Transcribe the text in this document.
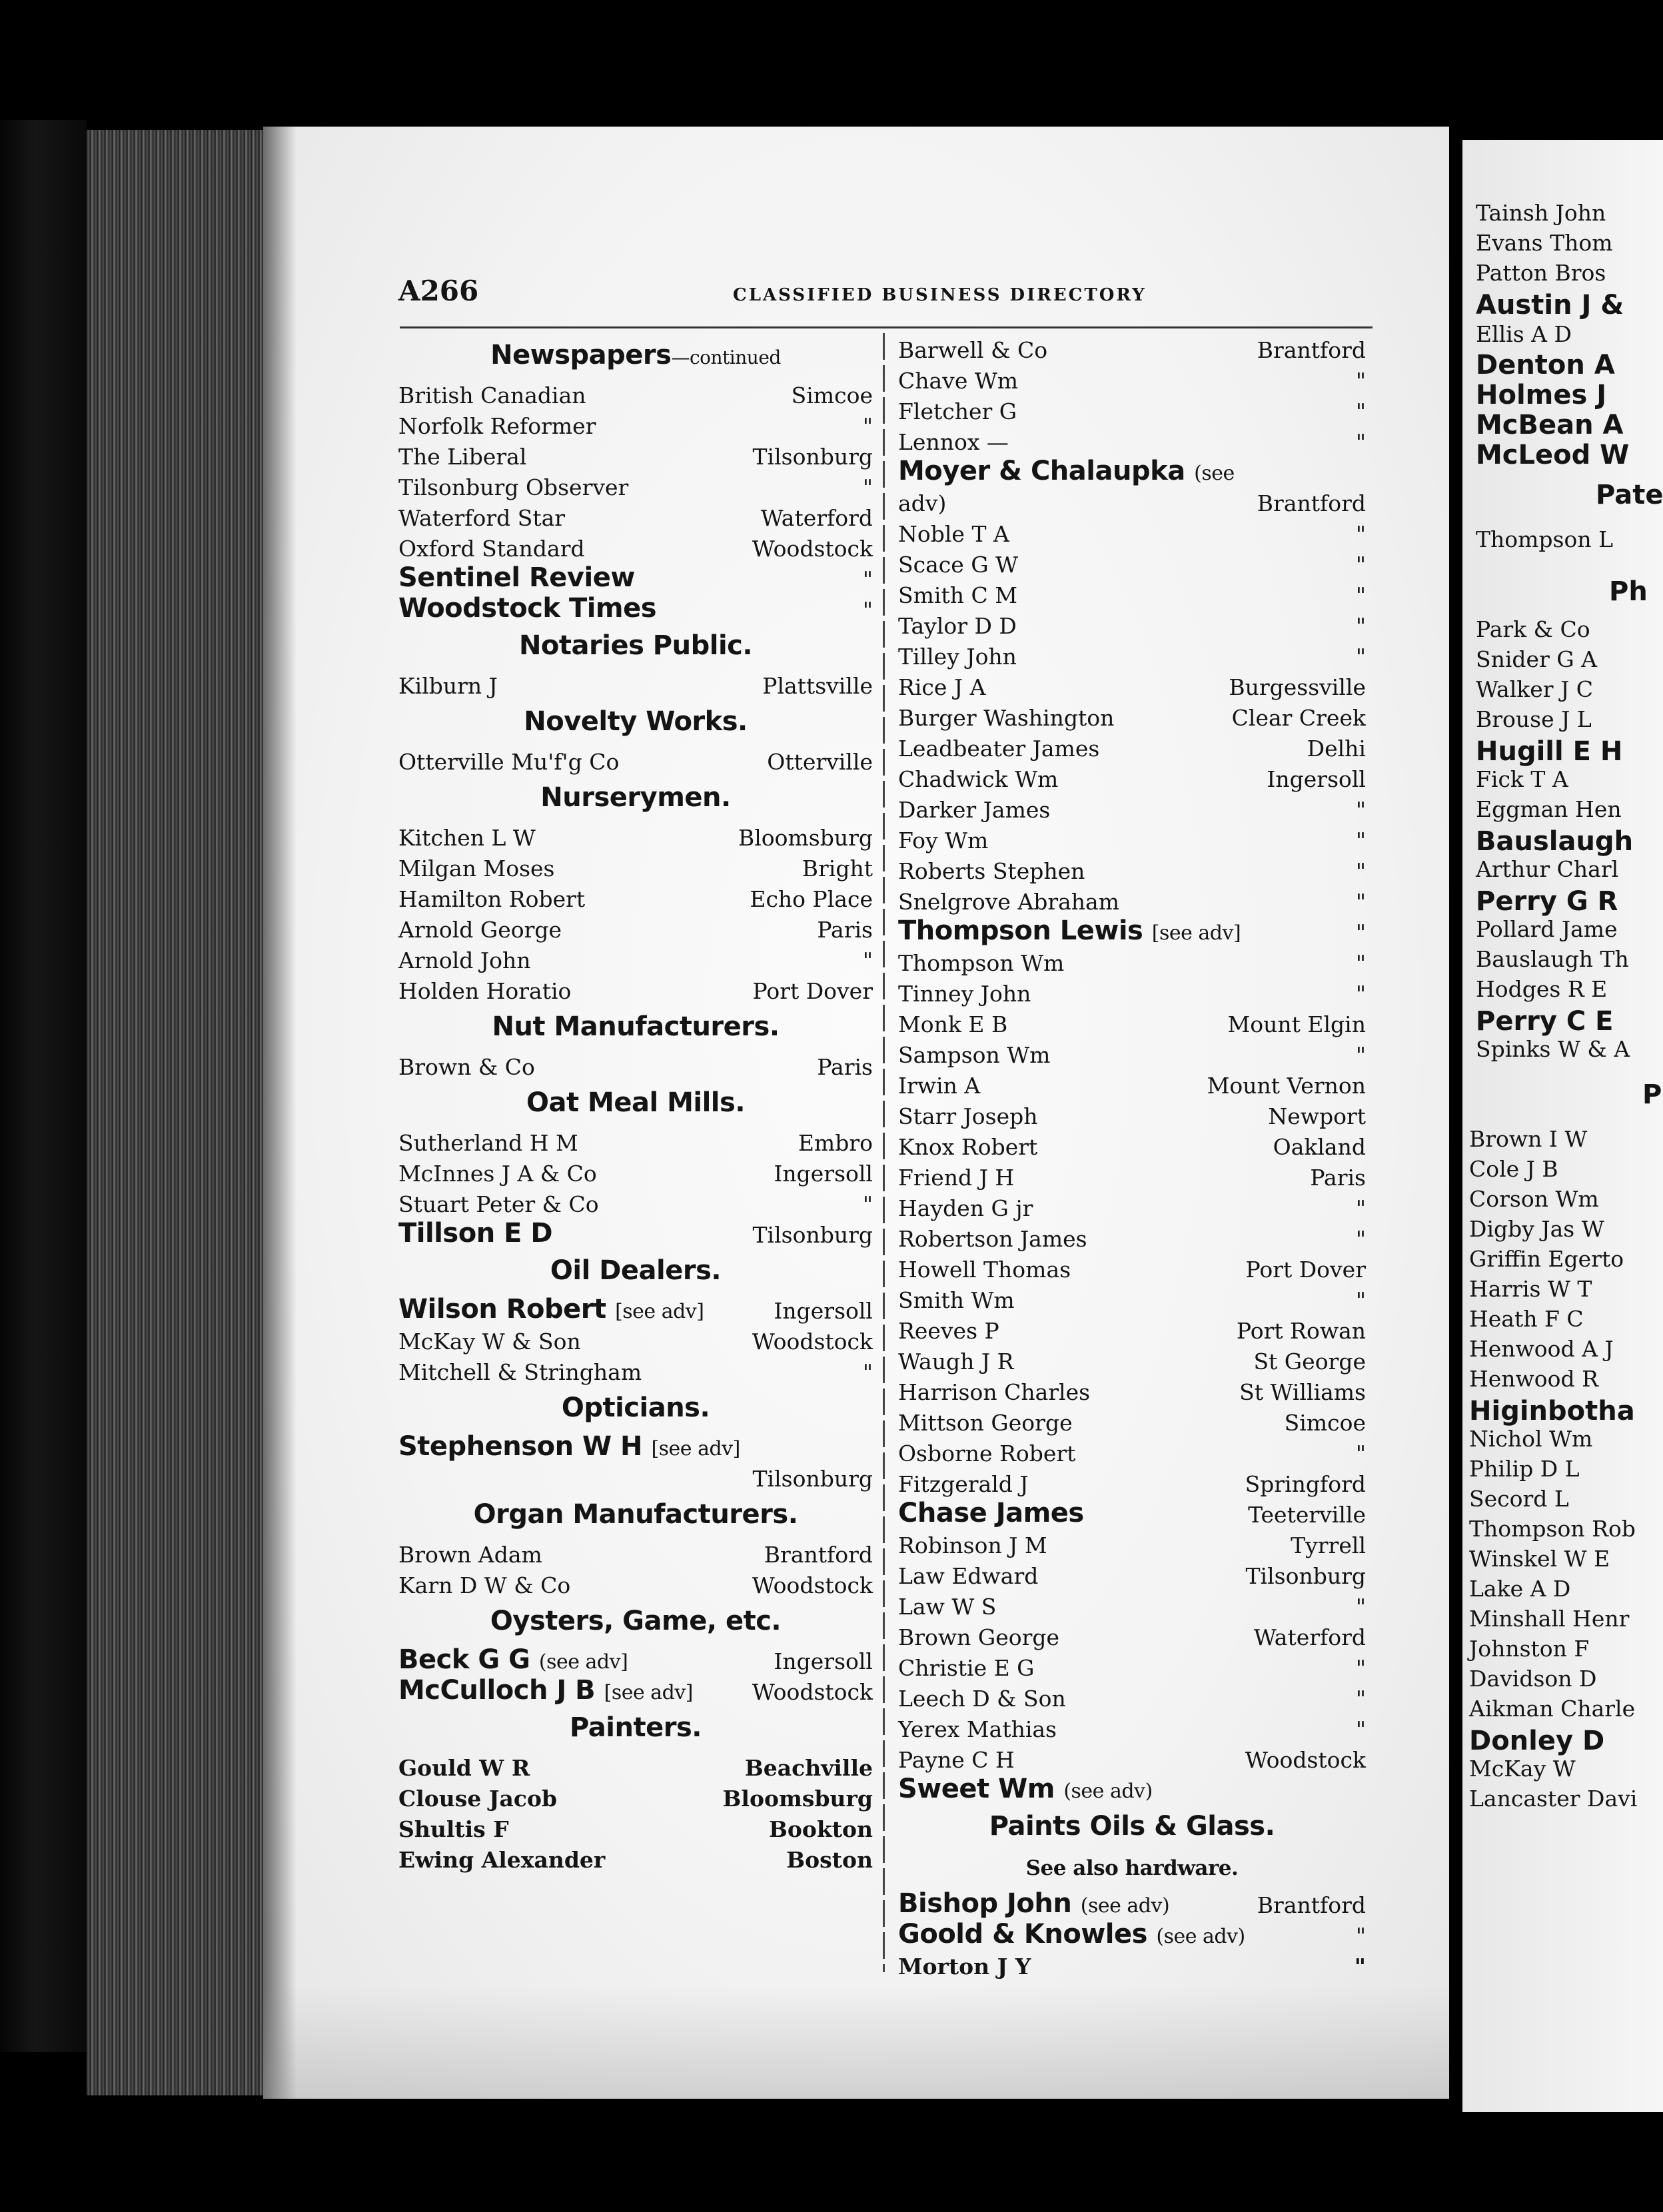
Tainsh John
Evans Thom
Patton Bros
Austin J &
Ellis A D
Denton A
Holmes J
McBean A
McLeod W
Pate
Thompson L
Ph
Park & Co
Snider G A
Walker J C
Brouse J L
Hugill E H
Fick T A
Eggman Hen
Bauslaugh
Arthur Charl
Perry G R
Pollard Jame
Bauslaugh Th
Hodges R E
Perry C E
Spinks W & A
P
Brown I W
Cole J B
Corson Wm
Digby Jas W
Griffin Egerto
Harris W T
Heath F C
Henwood A J
Henwood R
Higinbotha
Nichol Wm
Philip D L
Secord L
Thompson Rob
Winskel W E
Lake A D
Minshall Henr
Johnston F
Davidson D
Aikman Charle
Donley D
McKay W
Lancaster Davi
A266	CLASSIFIED BUSINESS DIRECTORY
Newspapers—continued
British Canadian	Simcoe
Norfolk Reformer	"
The Liberal	Tilsonburg
Tilsonburg Observer	"
Waterford Star	Waterford
Oxford Standard	Woodstock
Sentinel Review	"
Woodstock Times	"
Notaries Public.
Kilburn J	Plattsville
Novelty Works.
Otterville Mu'f'g Co	Otterville
Nurserymen.
Kitchen L W	Bloomsburg
Milgan Moses	Bright
Hamilton Robert	Echo Place
Arnold George	Paris
Arnold John	"
Holden Horatio	Port Dover
Nut Manufacturers.
Brown & Co	Paris
Oat Meal Mills.
Sutherland H M	Embro
McInnes J A & Co	Ingersoll
Stuart Peter & Co	"
Tillson E D	Tilsonburg
Oil Dealers.
Wilson Robert [see adv]	Ingersoll
McKay W & Son	Woodstock
Mitchell & Stringham	"
Opticians.
Stephenson W H [see adv]
Tilsonburg
Organ Manufacturers.
Brown Adam	Brantford
Karn D W & Co	Woodstock
Oysters, Game, etc.
Beck G G (see adv]	Ingersoll
McCulloch J B [see adv]	Woodstock
Painters.
Gould W R	Beachville
Clouse Jacob	Bloomsburg
Shultis F	Bookton
Ewing Alexander	Boston
Barwell & Co	Brantford
Chave Wm	"
Fletcher G	"
Lennox —	"
Moyer & Chalaupka (see
adv)	Brantford
Noble T A	"
Scace G W	"
Smith C M	"
Taylor D D	"
Tilley John	"
Rice J A	Burgessville
Burger Washington	Clear Creek
Leadbeater James	Delhi
Chadwick Wm	Ingersoll
Darker James	"
Foy Wm	"
Roberts Stephen	"
Snelgrove Abraham	"
Thompson Lewis [see adv]	"
Thompson Wm	"
Tinney John	"
Monk E B	Mount Elgin
Sampson Wm	"
Irwin A	Mount Vernon
Starr Joseph	Newport
Knox Robert	Oakland
Friend J H	Paris
Hayden G jr	"
Robertson James	"
Howell Thomas	Port Dover
Smith Wm	"
Reeves P	Port Rowan
Waugh J R	St George
Harrison Charles	St Williams
Mittson George	Simcoe
Osborne Robert	"
Fitzgerald J	Springford
Chase James	Teeterville
Robinson J M	Tyrrell
Law Edward	Tilsonburg
Law W S	"
Brown George	Waterford
Christie E G	"
Leech D & Son	"
Yerex Mathias	"
Payne C H	Woodstock
Sweet Wm (see adv)
Paints Oils & Glass.
See also hardware.
Bishop John (see adv)	Brantford
Goold & Knowles (see adv)	"
Morton J Y	"
